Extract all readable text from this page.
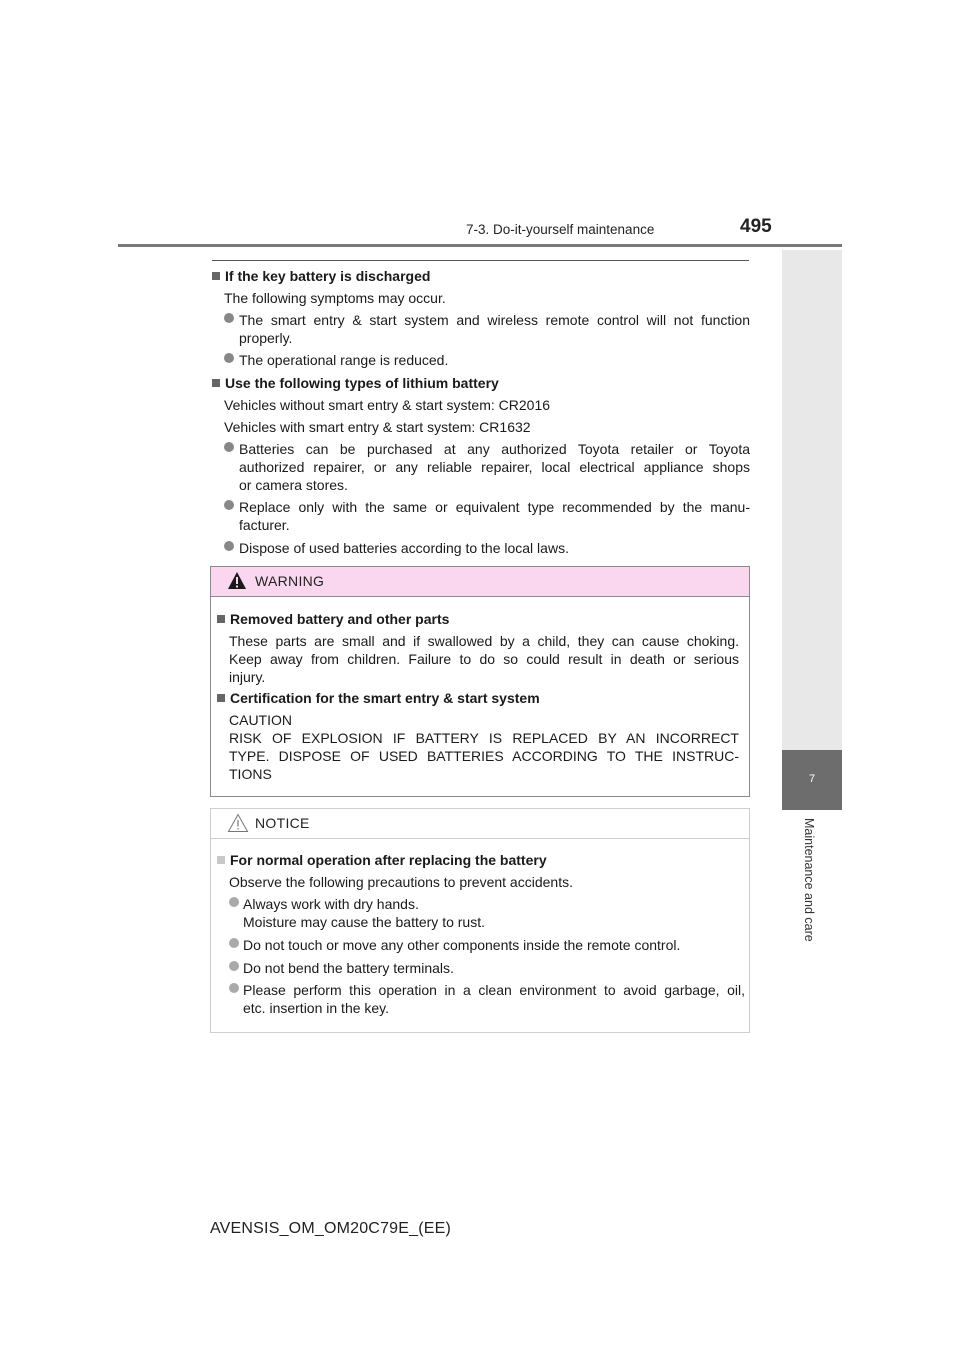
7-3. Do-it-yourself maintenance	495
7
Maintenance and care
If the key battery is discharged
The following symptoms may occur.
The smart entry & start system and wireless remote control will not function
properly.
The operational range is reduced.
Use the following types of lithium battery
Vehicles without smart entry & start system: CR2016
Vehicles with smart entry & start system: CR1632
Batteries can be purchased at any authorized Toyota retailer or Toyota
authorized repairer, or any reliable repairer, local electrical appliance shops
or camera stores.
Replace only with the same or equivalent type recommended by the manu-
facturer.
Dispose of used batteries according to the local laws.
WARNING
Removed battery and other parts
These parts are small and if swallowed by a child, they can cause choking.
Keep away from children. Failure to do so could result in death or serious
injury.
Certification for the smart entry & start system
CAUTION
RISK OF EXPLOSION IF BATTERY IS REPLACED BY AN INCORRECT
TYPE. DISPOSE OF USED BATTERIES ACCORDING TO THE INSTRUC-
TIONS
NOTICE
For normal operation after replacing the battery
Observe the following precautions to prevent accidents.
Always work with dry hands.
Moisture may cause the battery to rust.
Do not touch or move any other components inside the remote control.
Do not bend the battery terminals.
Please perform this operation in a clean environment to avoid garbage, oil,
etc. insertion in the key.
AVENSIS_OM_OM20C79E_(EE)
